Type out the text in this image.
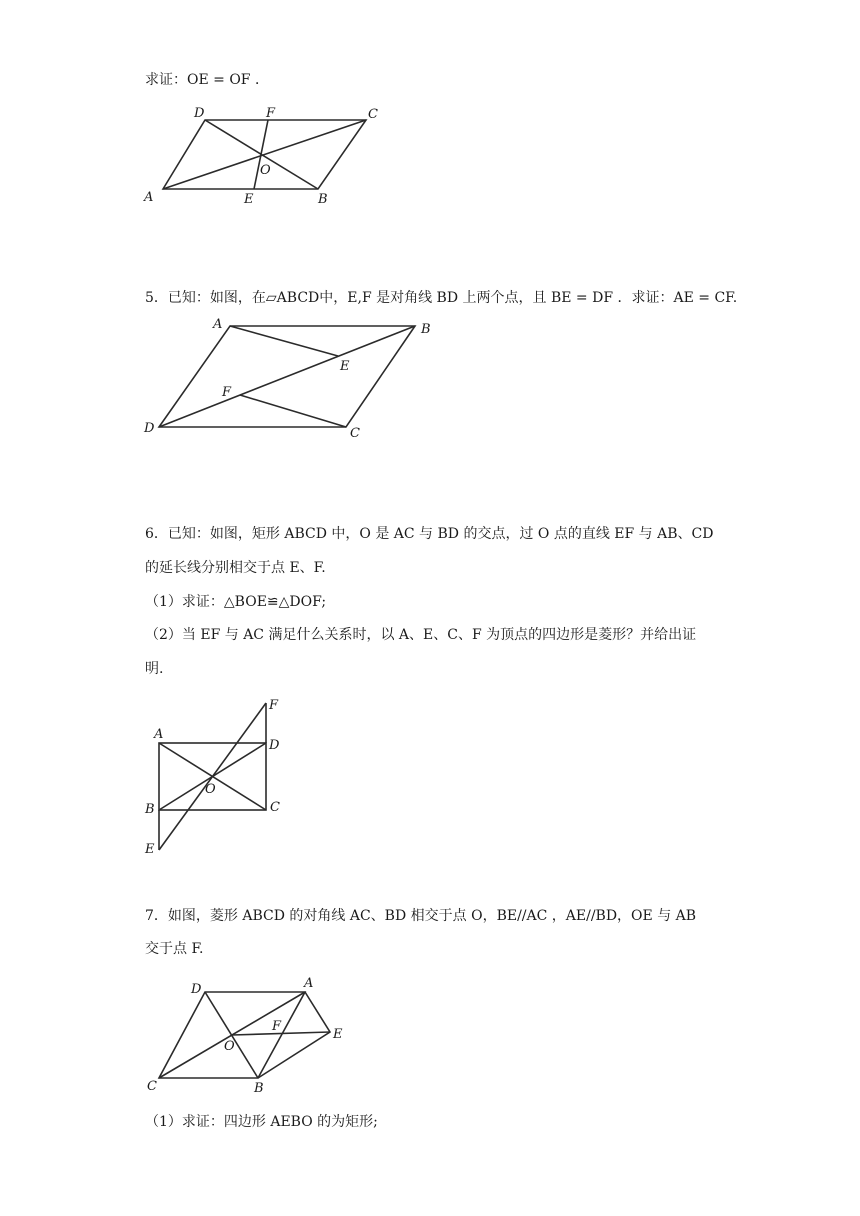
求证：OE = OF ．
D	F	C
O
A	E	B
5．已知：如图，在▱ABCD中，E,F 是对角线 BD 上两个点，且 BE = DF ．求证：AE = CF.
A	B
E
F
D	C
6．已知：如图，矩形 ABCD 中，O 是 AC 与 BD 的交点，过 O 点的直线 EF 与 AB、CD
的延长线分别相交于点 E、F.
（1）求证：△BOE≌△DOF;
（2）当 EF 与 AC 满足什么关系时，以 A、E、C、F 为顶点的四边形是菱形？并给出证
明.
F
A
D
O
B	C
E
7．如图，菱形 ABCD 的对角线 AC、BD 相交于点 O，BE//AC ，AE//BD，OE 与 AB
交于点 F.
D	A
F
E
O
C	B
（1）求证：四边形 AEBO 的为矩形;
